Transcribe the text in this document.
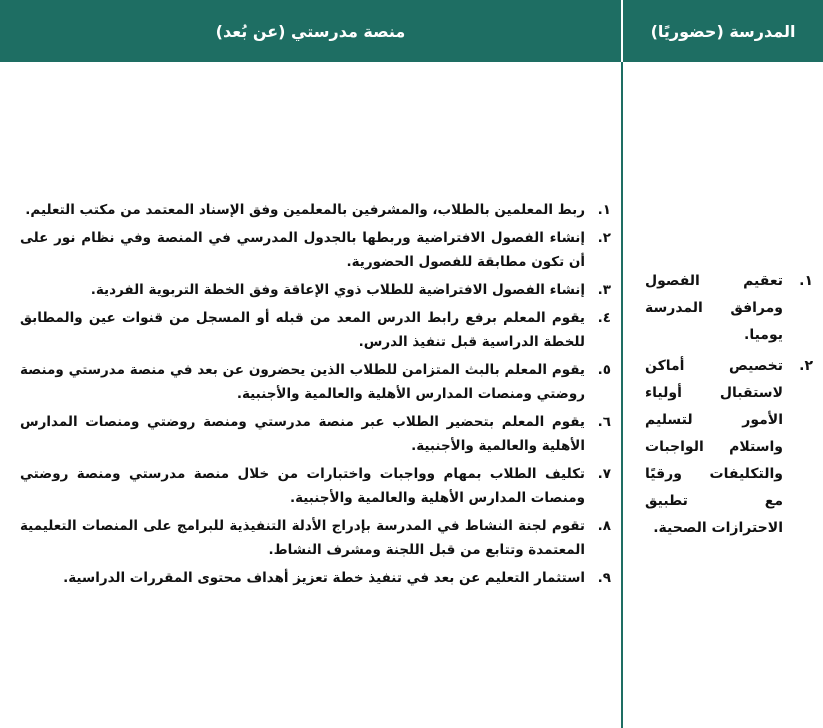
المدرسة (حضوريًا)
منصة مدرستي (عن بُعد)
١.
تعقيم الفصول ومرافق المدرسة يوميا.
٢.
تخصيص أماكن لاستقبال أولياء الأمور لتسليم واستلام الواجبات والتكليفات ورقيًا مع تطبيق الاحترازات الصحية.
١.
ربط المعلمين بالطلاب، والمشرفين بالمعلمين وفق الإسناد المعتمد من مكتب التعليم.
٢.
إنشاء الفصول الافتراضية وربطها بالجدول المدرسي في المنصة وفي نظام نور على أن تكون مطابقة للفصول الحضورية.
٣.
إنشاء الفصول الافتراضية للطلاب ذوي الإعاقة وفق الخطة التربوية الفردية.
٤.
يقوم المعلم برفع رابط الدرس المعد من قبله أو المسجل من قنوات عين والمطابق للخطة الدراسية قبل تنفيذ الدرس.
٥.
يقوم المعلم بالبث المتزامن للطلاب الذين يحضرون عن بعد في منصة مدرستي ومنصة روضتي ومنصات المدارس الأهلية والعالمية والأجنبية.
٦.
يقوم المعلم بتحضير الطلاب عبر منصة مدرستي ومنصة روضتي ومنصات المدارس الأهلية والعالمية والأجنبية.
٧.
تكليف الطلاب بمهام وواجبات واختبارات من خلال منصة مدرستي ومنصة روضتي ومنصات المدارس الأهلية والعالمية والأجنبية.
٨.
تقوم لجنة النشاط في المدرسة بإدراج الأدلة التنفيذية للبرامج على المنصات التعليمية المعتمدة وتتابع من قبل اللجنة ومشرف النشاط.
٩.
استثمار التعليم عن بعد في تنفيذ خطة تعزيز أهداف محتوى المقررات الدراسية.
